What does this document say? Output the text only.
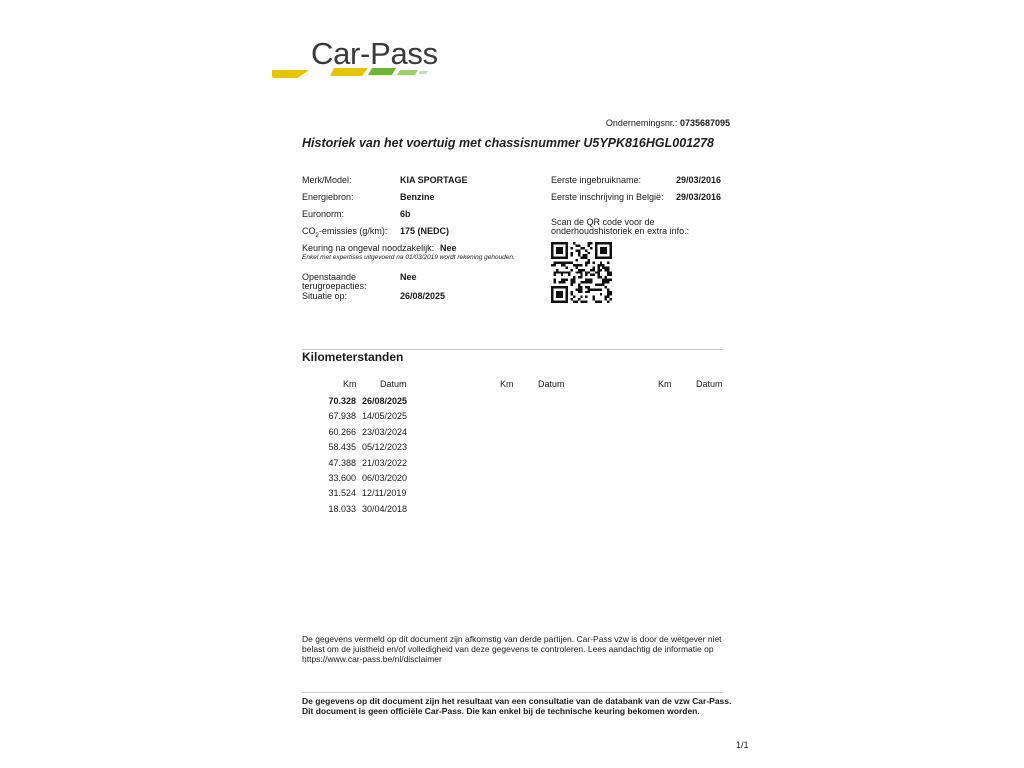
Car-Pass
Ondernemingsnr.: 0735687095
Historiek van het voertuig met chassisnummer U5YPK816HGL001278
Merk/Model:	KIA SPORTAGE
Energiebron:	Benzine
Euronorm:	6b
$CO_2$-emissies (g/km): 175 (NEDC)
Keuring na ongeval noodzakelijk: Nee
Enkel met expertises uitgevoerd na 01/03/2019 wordt rekening gehouden.
Openstaande
terugroepacties:
Nee
Situatie op:	26/08/2025
Eerste ingebruikname:	29/03/2016
Eerste inschrijving in België: 29/03/2016
Scan de QR code voor de
onderhoudshistoriek en extra info.:
Kilometerstanden
Km	Datum	Km	Datum	Km	Datum
70.328 26/08/2025
67.938 14/05/2025
60.266 23/03/2024
58.435 05/12/2023
47.388 21/03/2022
33.600 06/03/2020
31.524 12/11/2019
18.033 30/04/2018
De gegevens vermeld op dit document zijn afkomstig van derde partijen. Car-Pass vzw is door de wetgever niet belast om de juistheid en/of volledigheid van deze gegevens te controleren. Lees aandachtig de informatie op https://www.car-pass.be/nl/disclaimer
De gegevens op dit document zijn het resultaat van een consultatie van de databank van de vzw Car-Pass. Dit document is geen officiële Car-Pass. Die kan enkel bij de technische keuring bekomen worden.
1/1
